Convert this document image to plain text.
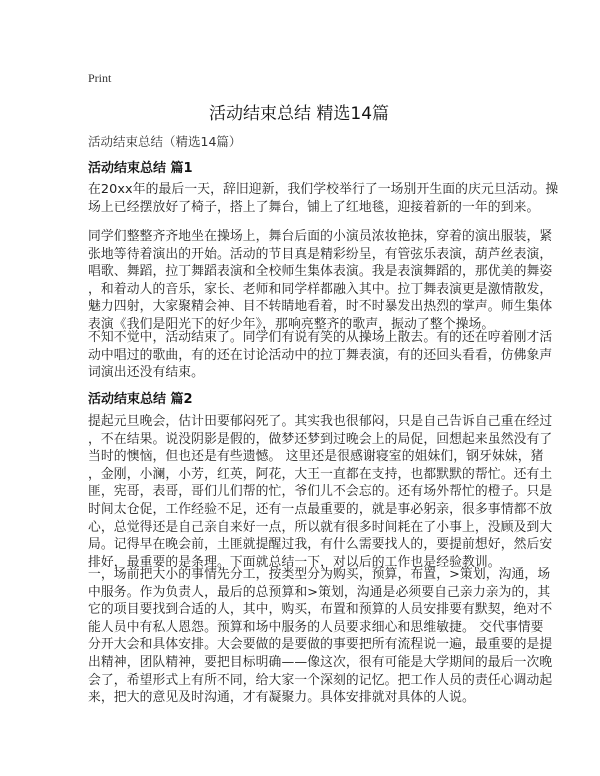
Print
活动结束总结 精选14篇
活动结束总结（精选14篇）
活动结束总结 篇1
在20xx年的最后一天，辞旧迎新，我们学校举行了一场别开生面的庆元旦活动。操
场上已经摆放好了椅子，搭上了舞台，铺上了红地毯，迎接着新的一年的到来。
同学们整整齐齐地坐在操场上，舞台后面的小演员浓妆艳抹，穿着的演出服装，紧
张地等待着演出的开始。活动的节目真是精彩纷呈，有管弦乐表演，葫芦丝表演，
唱歌、舞蹈，拉丁舞蹈表演和全校师生集体表演。我是表演舞蹈的，那优美的舞姿
，和着动人的音乐，家长、老师和同学样都融入其中。拉丁舞表演更是激情散发，
魅力四射，大家聚精会神、目不转睛地看着，时不时暴发出热烈的掌声。师生集体
表演《我们是阳光下的好少年》，那响亮整齐的歌声，振动了整个操场。
不知不觉中，活动结束了。同学们有说有笑的从操场上散去。有的还在哼着刚才活
动中唱过的歌曲，有的还在讨论活动中的拉丁舞表演，有的还回头看看，仿佛象声
词演出还没有结束。
活动结束总结 篇2
提起元旦晚会，估计田要郁闷死了。其实我也很郁闷，只是自己告诉自己重在经过
，不在结果。说没阴影是假的，做梦还梦到过晚会上的局促，回想起来虽然没有了
当时的懊恼，但也还是有些遗憾。 这里还是很感谢寝室的姐妹们，钢牙妹妹，猪
，金刚，小澜，小芳，红英，阿花，大王一直都在支持，也都默默的帮忙。还有土
匪，宪哥，表哥，哥们儿们帮的忙，爷们儿不会忘的。还有场外帮忙的橙子。只是
时间太仓促，工作经验不足，还有一点最重要的，就是事必躬亲，很多事情都不放
心，总觉得还是自己亲自来好一点，所以就有很多时间耗在了小事上，没顾及到大
局。记得早在晚会前，土匪就提醒过我，有什么需要找人的，要提前想好，然后安
排好，最重要的是条理。下面就总结一下，对以后的工作也是经验教训。
一，场前把大小的事情先分工，按类型分为购买，预算，布置，>策划，沟通，场
中服务。作为负责人，最后的总预算和>策划，沟通是必须要自己亲力亲为的，其
它的项目要找到合适的人，其中，购买，布置和预算的人员安排要有默契，绝对不
能人员中有私人恩怨。预算和场中服务的人员要求细心和思维敏捷。 交代事情要
分开大会和具体安排。大会要做的是要做的事要把所有流程说一遍，最重要的是提
出精神，团队精神，要把目标明确——像这次，很有可能是大学期间的最后一次晚
会了，希望形式上有所不同，给大家一个深刻的记忆。把工作人员的责任心调动起
来，把大的意见及时沟通，才有凝聚力。具体安排就对具体的人说。
